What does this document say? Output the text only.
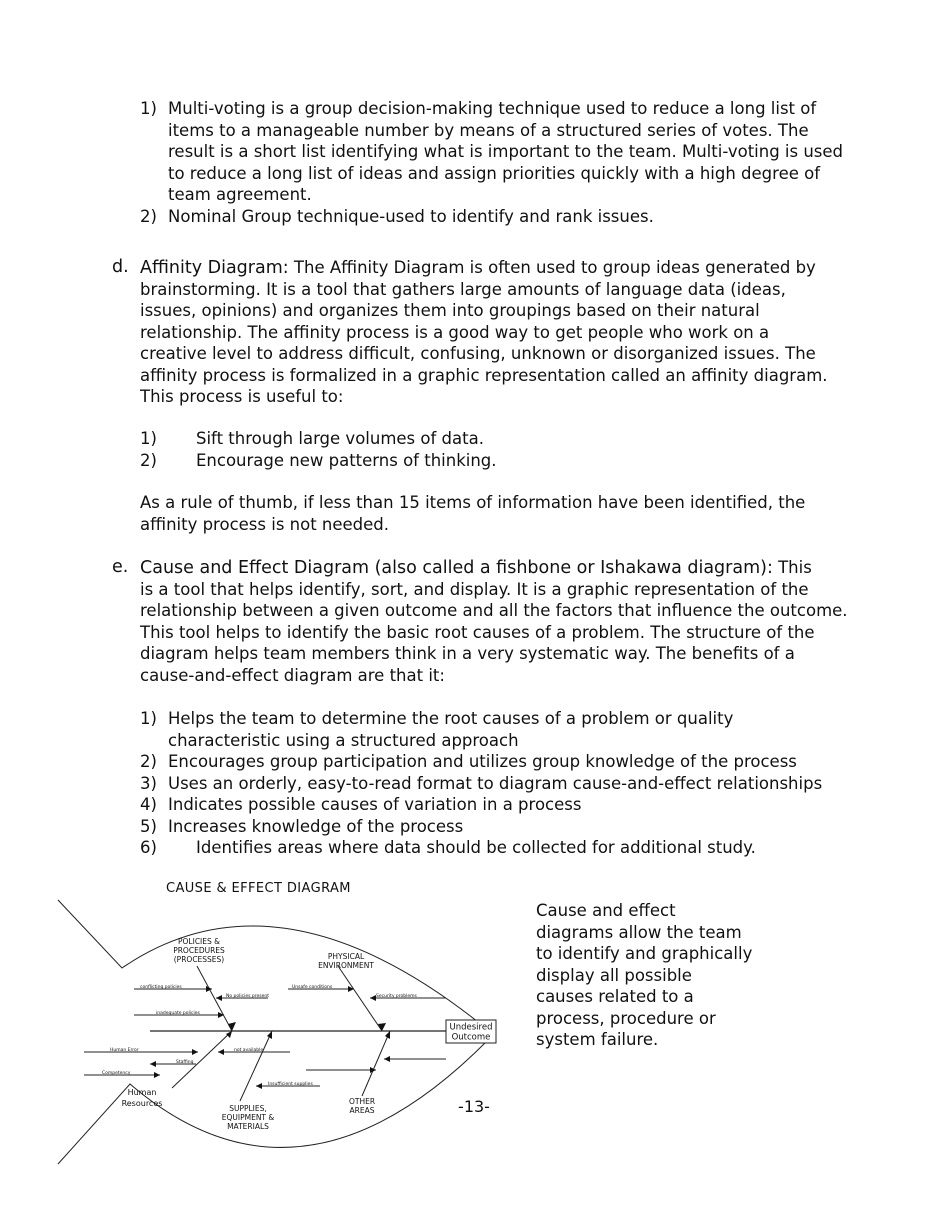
1) Multi-voting is a group decision-making technique used to reduce a long list of
items to a manageable number by means of a structured series of votes. The
result is a short list identifying what is important to the team. Multi-voting is used
to reduce a long list of ideas and assign priorities quickly with a high degree of
team agreement.
2) Nominal Group technique-used to identify and rank issues.
d. Affinity Diagram: The Affinity Diagram is often used to group ideas generated by
brainstorming. It is a tool that gathers large amounts of language data (ideas,
issues, opinions) and organizes them into groupings based on their natural
relationship. The affinity process is a good way to get people who work on a
creative level to address difficult, confusing, unknown or disorganized issues. The
affinity process is formalized in a graphic representation called an affinity diagram.
This process is useful to:
1) Sift through large volumes of data.
2) Encourage new patterns of thinking.
As a rule of thumb, if less than 15 items of information have been identified, the
affinity process is not needed.
e. Cause and Effect Diagram (also called a fishbone or Ishakawa diagram): This
is a tool that helps identify, sort, and display. It is a graphic representation of the
relationship between a given outcome and all the factors that influence the outcome.
This tool helps to identify the basic root causes of a problem. The structure of the
diagram helps team members think in a very systematic way. The benefits of a
cause-and-effect diagram are that it:
1) Helps the team to determine the root causes of a problem or quality
characteristic using a structured approach
2) Encourages group participation and utilizes group knowledge of the process
3) Uses an orderly, easy-to-read format to diagram cause-and-effect relationships
4) Indicates possible causes of variation in a process
5) Increases knowledge of the process
6) Identifies areas where data should be collected for additional study.
Undesired
Outcome
CAUSE & EFFECT DIAGRAM
POLICIES &
PROCEDURES
(PROCESSES)	PHYSICAL
ENVIRONMENT
Human
Resources
SUPPLIES,
EQUIPMENT &
MATERIALS
OTHER
AREAS
conflicting policies
No policies present
inadequate policies
Unsafe conditions
Security problems
Human Error
Staffing
Competency
not available
Insufficient supplies
-13-
Cause and effect
diagrams allow the team
to identify and graphically
display all possible
causes related to a
process, procedure or
system failure.
